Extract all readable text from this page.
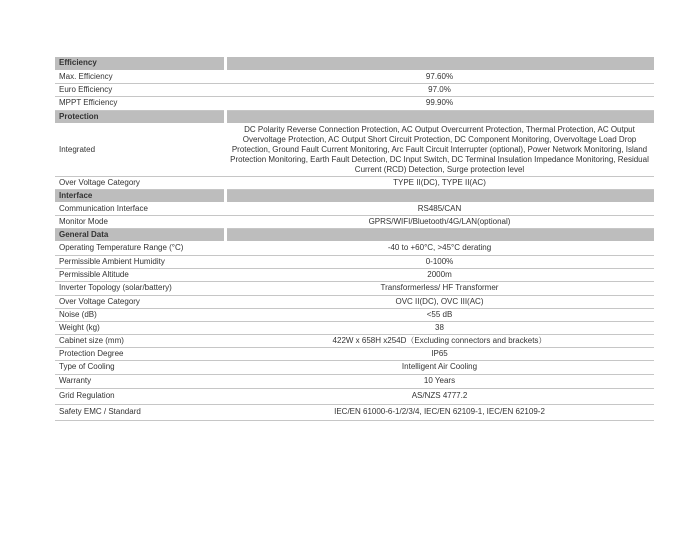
Efficiency	
Max. Efficiency	97.60%
Euro Efficiency	97.0%
MPPT Efficiency	99.90%
Protection	
Integrated	DC Polarity Reverse Connection Protection, AC Output Overcurrent Protection, Thermal Protection, AC Output Overvoltage Protection, AC Output Short Circuit Protection, DC Component Monitoring, Overvoltage Load Drop Protection, Ground Fault Current Monitoring, Arc Fault Circuit Interrupter (optional), Power Network Monitoring, Island Protection Monitoring, Earth Fault Detection, DC Input Switch, DC Terminal Insulation Impedance Monitoring, Residual Current (RCD) Detection, Surge protection level
Over Voltage Category	TYPE II(DC), TYPE II(AC)
Interface	
Communication Interface	RS485/CAN
Monitor Mode	GPRS/WIFI/Bluetooth/4G/LAN(optional)
General Data	
Operating Temperature Range (°C)	-40 to +60°C, >45°C derating
Permissible Ambient Humidity	0-100%
Permissible Altitude	2000m
Inverter Topology (solar/battery)	Transformerless/ HF Transformer
Over Voltage Category	OVC II(DC), OVC III(AC)
Noise (dB)	<55 dB
Weight (kg)	38
Cabinet size (mm)	422W x 658H x254D（Excluding connectors and brackets）
Protection Degree	IP65
Type of Cooling	Intelligent Air Cooling
Warranty	10 Years
Grid Regulation	AS/NZS 4777.2
Safety EMC / Standard	IEC/EN 61000-6-1/2/3/4, IEC/EN 62109-1, IEC/EN 62109-2
